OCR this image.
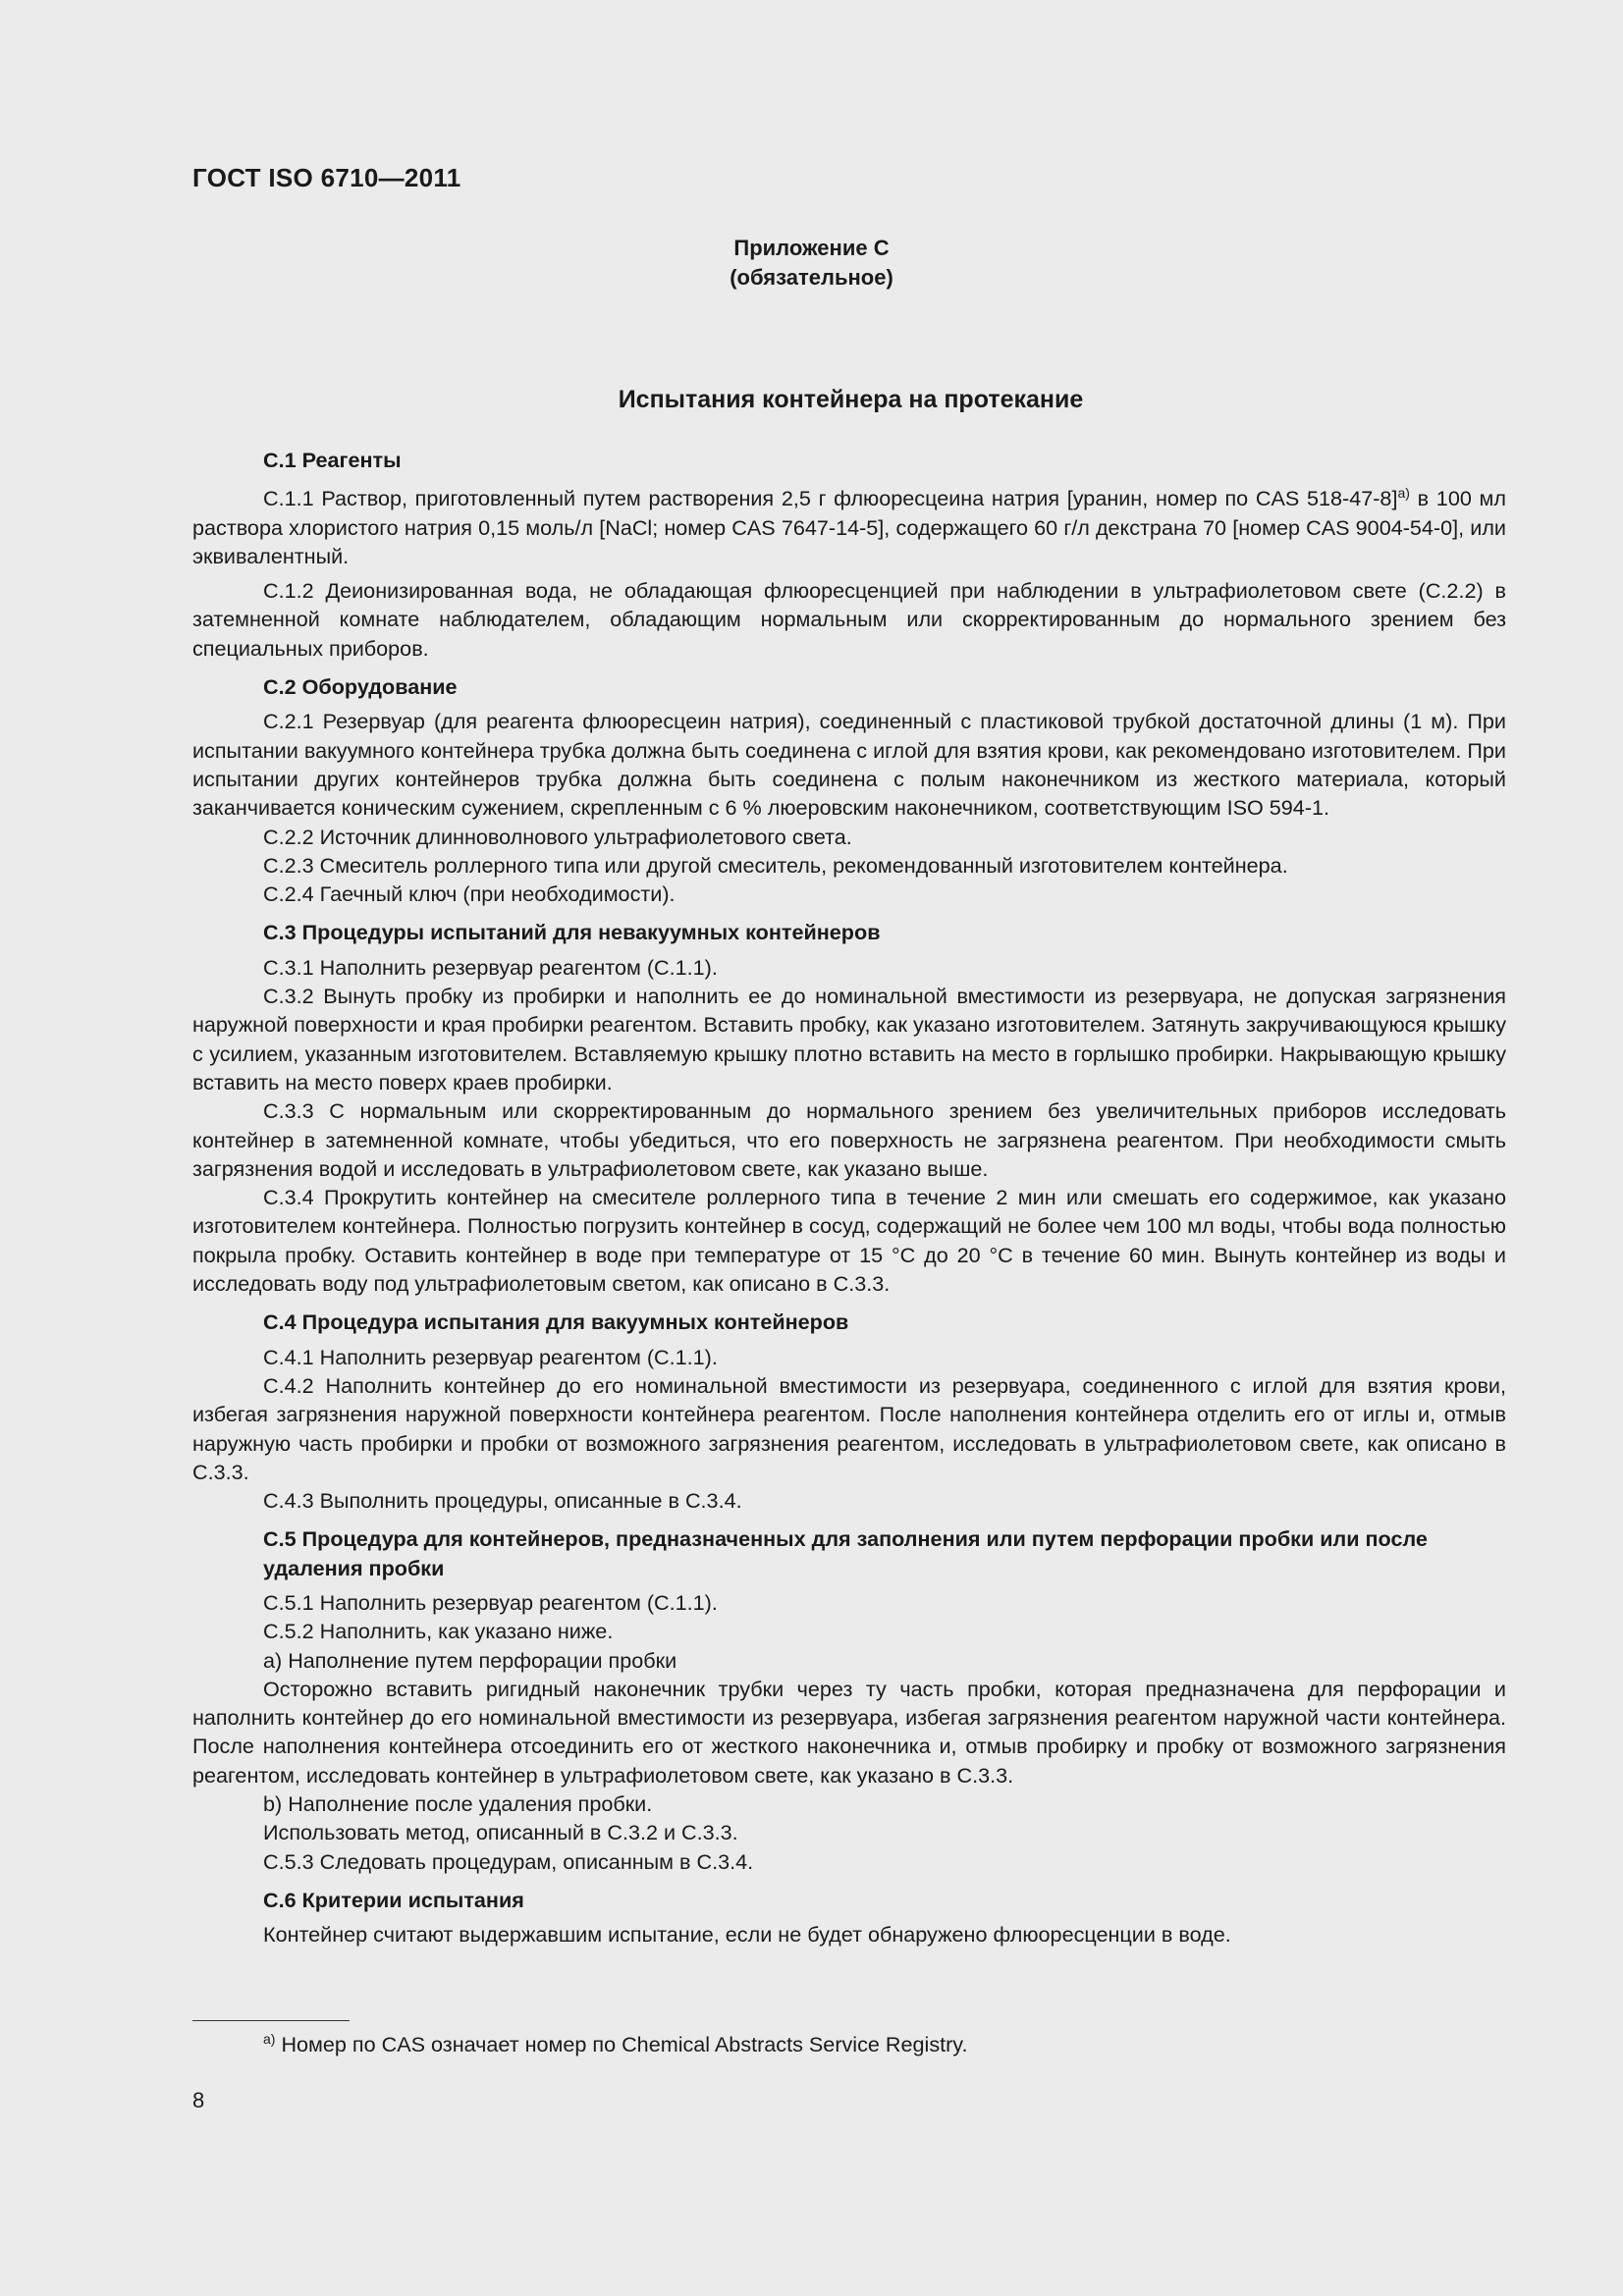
ГОСТ ISO 6710—2011
Приложение С
(обязательное)
Испытания контейнера на протекание
С.1 Реагенты

С.1.1 Раствор, приготовленный путем растворения 2,5 г флюоресцеина натрия [уранин, номер по CAS 518-47-8]$^{a)}$ в 100 мл раствора хлористого натрия 0,15 моль/л [NaCl; номер CAS 7647-14-5], содержащего 60 г/л декстрана 70 [номер CAS 9004-54-0], или эквивалентный.

С.1.2 Деионизированная вода, не обладающая флюоресценцией при наблюдении в ультрафиолетовом свете (С.2.2) в затемненной комнате наблюдателем, обладающим нормальным или скорректированным до нормального зрением без специальных приборов.

С.2 Оборудование

С.2.1 Резервуар (для реагента флюоресцеин натрия), соединенный с пластиковой трубкой достаточной длины (1 м). При испытании вакуумного контейнера трубка должна быть соединена с иглой для взятия крови, как рекомендовано изготовителем. При испытании других контейнеров трубка должна быть соединена с полым наконечником из жесткого материала, который заканчивается коническим сужением, скрепленным с 6 % люеровским наконечником, соответствующим ISO 594-1.

С.2.2 Источник длинноволнового ультрафиолетового света.

С.2.3 Смеситель роллерного типа или другой смеситель, рекомендованный изготовителем контейнера.

С.2.4 Гаечный ключ (при необходимости).

С.3 Процедуры испытаний для невакуумных контейнеров

С.3.1 Наполнить резервуар реагентом (С.1.1).

С.3.2 Вынуть пробку из пробирки и наполнить ее до номинальной вместимости из резервуара, не допуская загрязнения наружной поверхности и края пробирки реагентом. Вставить пробку, как указано изготовителем. Затянуть закручивающуюся крышку с усилием, указанным изготовителем. Вставляемую крышку плотно вставить на место в горлышко пробирки. Накрывающую крышку вставить на место поверх краев пробирки.

С.3.3 С нормальным или скорректированным до нормального зрением без увеличительных приборов исследовать контейнер в затемненной комнате, чтобы убедиться, что его поверхность не загрязнена реагентом. При необходимости смыть загрязнения водой и исследовать в ультрафиолетовом свете, как указано выше.

С.3.4 Прокрутить контейнер на смесителе роллерного типа в течение 2 мин или смешать его содержимое, как указано изготовителем контейнера. Полностью погрузить контейнер в сосуд, содержащий не более чем 100 мл воды, чтобы вода полностью покрыла пробку. Оставить контейнер в воде при температуре от 15 °С до 20 °С в течение 60 мин. Вынуть контейнер из воды и исследовать воду под ультрафиолетовым светом, как описано в С.3.3.

С.4 Процедура испытания для вакуумных контейнеров

С.4.1 Наполнить резервуар реагентом (С.1.1).

С.4.2 Наполнить контейнер до его номинальной вместимости из резервуара, соединенного с иглой для взятия крови, избегая загрязнения наружной поверхности контейнера реагентом. После наполнения контейнера отделить его от иглы и, отмыв наружную часть пробирки и пробки от возможного загрязнения реагентом, исследовать в ультрафиолетовом свете, как описано в С.3.3.

С.4.3 Выполнить процедуры, описанные в С.3.4.

С.5 Процедура для контейнеров, предназначенных для заполнения или путем перфорации пробки или после удаления пробки

С.5.1 Наполнить резервуар реагентом (С.1.1).

С.5.2 Наполнить, как указано ниже.

а) Наполнение путем перфорации пробки

Осторожно вставить ригидный наконечник трубки через ту часть пробки, которая предназначена для перфорации и наполнить контейнер до его номинальной вместимости из резервуара, избегая загрязнения реагентом наружной части контейнера. После наполнения контейнера отсоединить его от жесткого наконечника и, отмыв пробирку и пробку от возможного загрязнения реагентом, исследовать контейнер в ультрафиолетовом свете, как указано в С.3.3.

b) Наполнение после удаления пробки.

Использовать метод, описанный в С.3.2 и С.3.3.

С.5.3 Следовать процедурам, описанным в С.3.4.

С.6 Критерии испытания

Контейнер считают выдержавшим испытание, если не будет обнаружено флюоресценции в воде.

$^{a)}$ Номер по CAS означает номер по Chemical Abstracts Service Registry.
8
